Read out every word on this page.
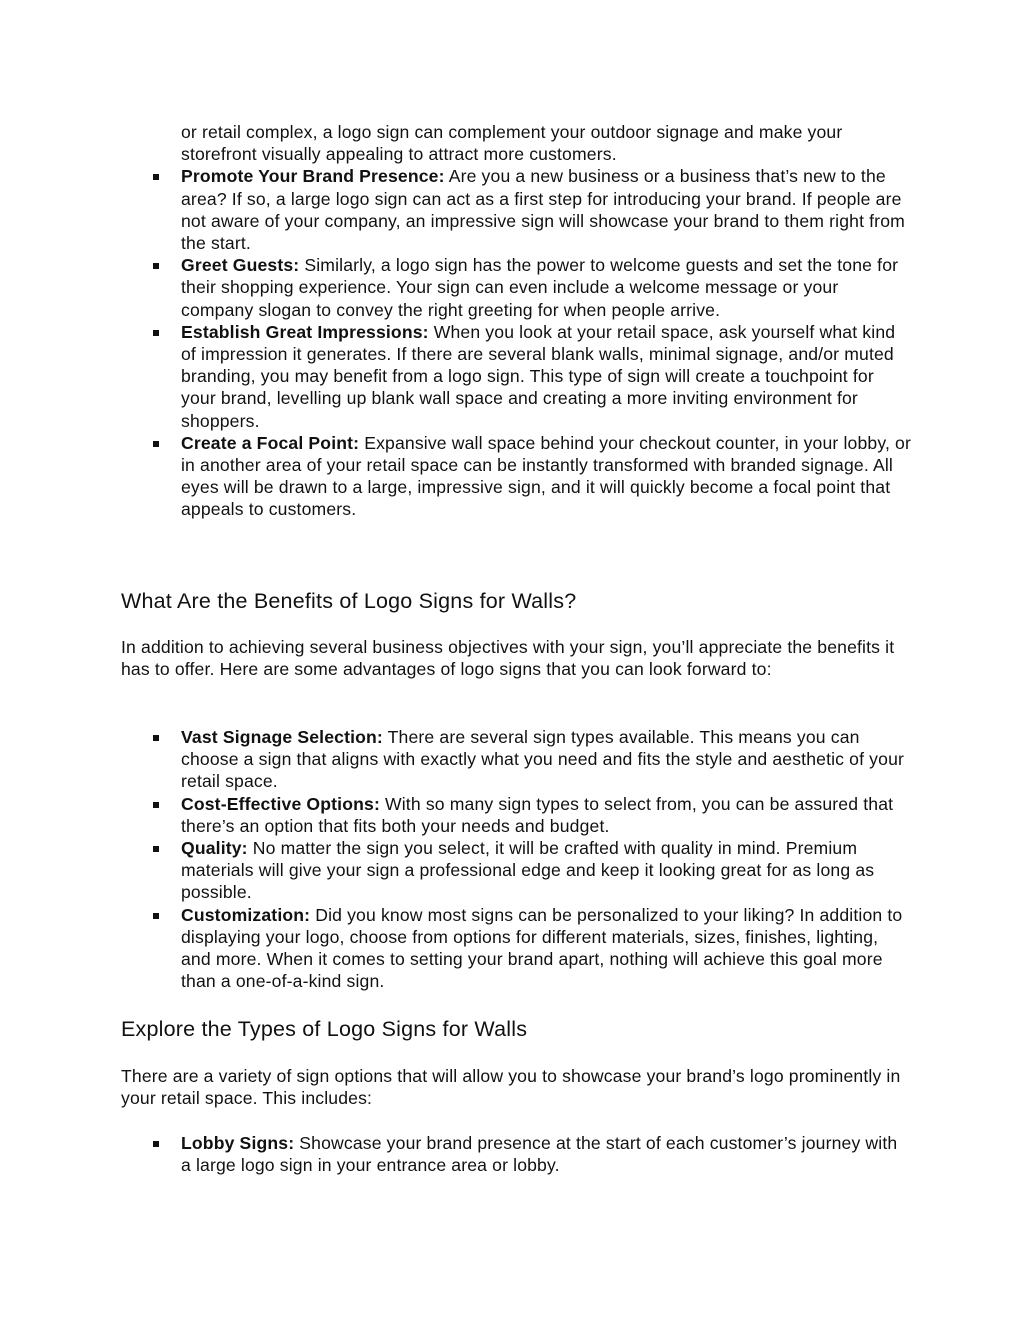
or retail complex, a logo sign can complement your outdoor signage and make your storefront visually appealing to attract more customers.

Promote Your Brand Presence: Are you a new business or a business that’s new to the area? If so, a large logo sign can act as a first step for introducing your brand. If people are not aware of your company, an impressive sign will showcase your brand to them right from the start.
Greet Guests: Similarly, a logo sign has the power to welcome guests and set the tone for their shopping experience. Your sign can even include a welcome message or your company slogan to convey the right greeting for when people arrive.
Establish Great Impressions: When you look at your retail space, ask yourself what kind of impression it generates. If there are several blank walls, minimal signage, and/or muted branding, you may benefit from a logo sign. This type of sign will create a touchpoint for your brand, levelling up blank wall space and creating a more inviting environment for shoppers.
Create a Focal Point: Expansive wall space behind your checkout counter, in your lobby, or in another area of your retail space can be instantly transformed with branded signage. All eyes will be drawn to a large, impressive sign, and it will quickly become a focal point that appeals to customers.
What Are the Benefits of Logo Signs for Walls?

In addition to achieving several business objectives with your sign, you’ll appreciate the benefits it has to offer. Here are some advantages of logo signs that you can look forward to:

Vast Signage Selection: There are several sign types available. This means you can choose a sign that aligns with exactly what you need and fits the style and aesthetic of your retail space.
Cost-Effective Options: With so many sign types to select from, you can be assured that there’s an option that fits both your needs and budget.
Quality: No matter the sign you select, it will be crafted with quality in mind. Premium materials will give your sign a professional edge and keep it looking great for as long as possible.
Customization: Did you know most signs can be personalized to your liking? In addition to displaying your logo, choose from options for different materials, sizes, finishes, lighting, and more. When it comes to setting your brand apart, nothing will achieve this goal more than a one-of-a-kind sign.
Explore the Types of Logo Signs for Walls

There are a variety of sign options that will allow you to showcase your brand’s logo prominently in your retail space. This includes:

Lobby Signs: Showcase your brand presence at the start of each customer’s journey with a large logo sign in your entrance area or lobby.
